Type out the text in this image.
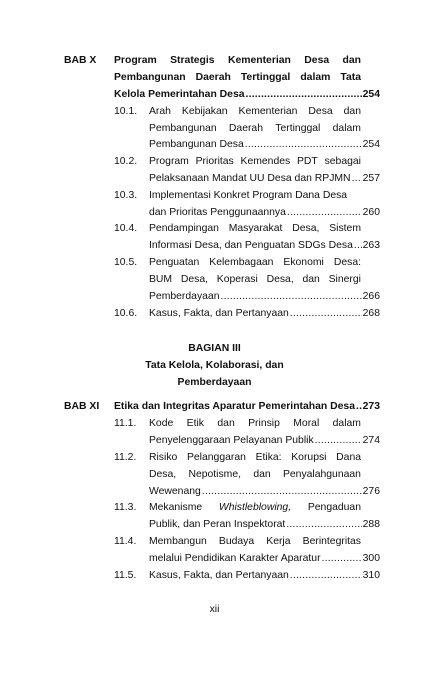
BAB X Program Strategis Kementerian Desa dan
Pembangunan Daerah Tertinggal dalam Tata
Kelola Pemerintahan Desa .....	254
10.1. Arah Kebijakan Kementerian Desa dan
Pembangunan Daerah Tertinggal dalam
Pembangunan Desa .....	254
10.2. Program Prioritas Kemendes PDT sebagai
Pelaksanaan Mandat UU Desa dan RPJMN ..... 257
10.3. Implementasi Konkret Program Dana Desa
dan Prioritas Penggunaannya .....	260
10.4. Pendampingan Masyarakat Desa, Sistem
Informasi Desa, dan Penguatan SDGs Desa ..... 263
10.5. Penguatan Kelembagaan Ekonomi Desa:
BUM Desa, Koperasi Desa, dan Sinergi
Pemberdayaan .....	266
10.6. Kasus, Fakta, dan Pertanyaan .....	268
BAGIAN III
Tata Kelola, Kolaborasi, dan
Pemberdayaan
BAB XI Etika dan Integritas Aparatur Pemerintahan Desa ..... 273
11.1. Kode Etik dan Prinsip Moral dalam
Penyelenggaraan Pelayanan Publik .....	274
11.2. Risiko Pelanggaran Etika: Korupsi Dana
Desa, Nepotisme, dan Penyalahgunaan
Wewenang .....	276
11.3. Mekanisme Whistleblowing, Pengaduan
Publik, dan Peran Inspektorat .....	288
11.4. Membangun Budaya Kerja Berintegritas
melalui Pendidikan Karakter Aparatur .....	300
11.5. Kasus, Fakta, dan Pertanyaan .....	310
xii
